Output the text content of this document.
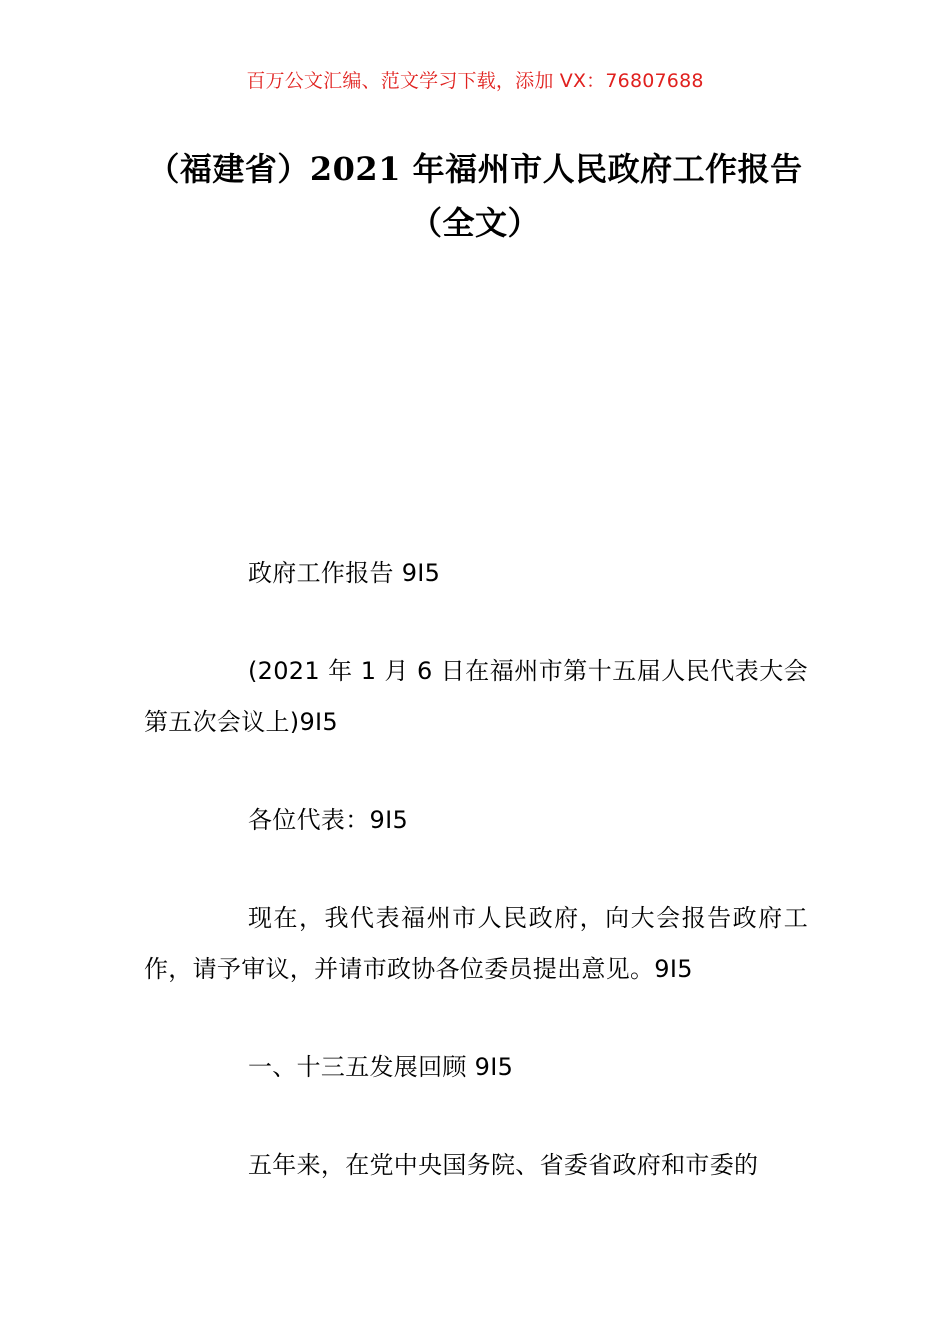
百万公文汇编、范文学习下载，添加 VX：76807688
（福建省）2021 年福州市人民政府工作报告（全文）

政府工作报告 9I5

(2021 年 1 月 6 日在福州市第十五届人民代表大会第五次会议上)9I5

各位代表：9I5

现在，我代表福州市人民政府，向大会报告政府工作，请予审议，并请市政协各位委员提出意见。9I5

一、十三五发展回顾 9I5

五年来，在党中央国务院、省委省政府和市委的
